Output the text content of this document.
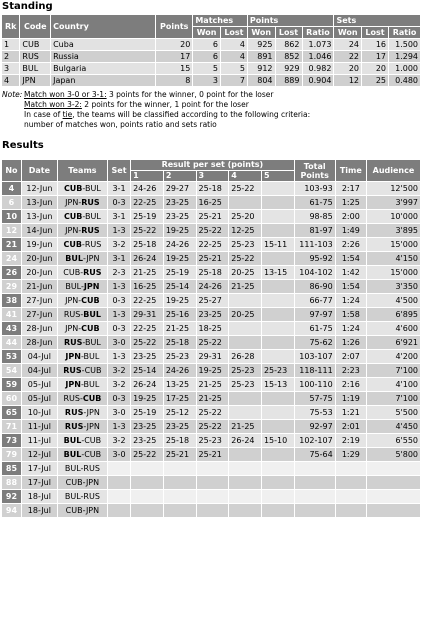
Standing
Rk	Code	Country	Points	Matches		Points			Sets		
				Won	Lost	Won	Lost	Ratio	Won	Lost	Ratio
1	CUB	Cuba	20	6	4	925	862	1.073	24	16	1.500
2	RUS	Russia	17	6	4	891	852	1.046	22	17	1.294
3	BUL	Bulgaria	15	5	5	912	929	0.982	20	20	1.000
4	JPN	Japan	8	3	7	804	889	0.904	12	25	0.480
Note: Match won 3-0 or 3-1: 3 points for the winner, 0 point for the loser
Match won 3-2: 2 points for the winner, 1 point for the loser
In case of tie, the teams will be classified according to the following criteria:
number of matches won, points ratio and sets ratio
Results
No	Date	Teams	Set	Result per set (points)					Total Points	Time	Audience
				1	2	3	4	5			
4	12-Jun	CUB-BUL	3-1	24-26	29-27	25-18	25-22		103-93	2:17	12'500
6	13-Jun	JPN-RUS	0-3	22-25	23-25	16-25			61-75	1:25	3'997
10	13-Jun	CUB-BUL	3-1	25-19	23-25	25-21	25-20		98-85	2:00	10'000
12	14-Jun	JPN-RUS	1-3	25-22	19-25	25-22	12-25		81-97	1:49	3'895
21	19-Jun	CUB-RUS	3-2	25-18	24-26	22-25	25-23	15-11	111-103	2:26	15'000
24	20-Jun	BUL-JPN	3-1	26-24	19-25	25-21	25-22		95-92	1:54	4'150
26	20-Jun	CUB-RUS	2-3	21-25	25-19	25-18	20-25	13-15	104-102	1:42	15'000
29	21-Jun	BUL-JPN	1-3	16-25	25-14	24-26	21-25		86-90	1:54	3'350
38	27-Jun	JPN-CUB	0-3	22-25	19-25	25-27			66-77	1:24	4'500
41	27-Jun	RUS-BUL	1-3	29-31	25-16	23-25	20-25		97-97	1:58	6'895
43	28-Jun	JPN-CUB	0-3	22-25	21-25	18-25			61-75	1:24	4'600
44	28-Jun	RUS-BUL	3-0	25-22	25-18	25-22			75-62	1:26	6'921
53	04-Jul	JPN-BUL	1-3	23-25	25-23	29-31	26-28		103-107	2:07	4'200
54	04-Jul	RUS-CUB	3-2	25-14	24-26	19-25	25-23	25-23	118-111	2:23	7'100
59	05-Jul	JPN-BUL	3-2	26-24	13-25	21-25	25-23	15-13	100-110	2:16	4'100
60	05-Jul	RUS-CUB	0-3	19-25	17-25	21-25			57-75	1:19	7'100
65	10-Jul	RUS-JPN	3-0	25-19	25-12	25-22			75-53	1:21	5'500
71	11-Jul	RUS-JPN	1-3	23-25	23-25	25-22	21-25		92-97	2:01	4'450
73	11-Jul	BUL-CUB	3-2	23-25	25-18	25-23	26-24	15-10	102-107	2:19	6'550
79	12-Jul	BUL-CUB	3-0	25-22	25-21	25-21			75-64	1:29	5'800
85	17-Jul	BUL-RUS									
88	17-Jul	CUB-JPN									
92	18-Jul	BUL-RUS									
94	18-Jul	CUB-JPN									
